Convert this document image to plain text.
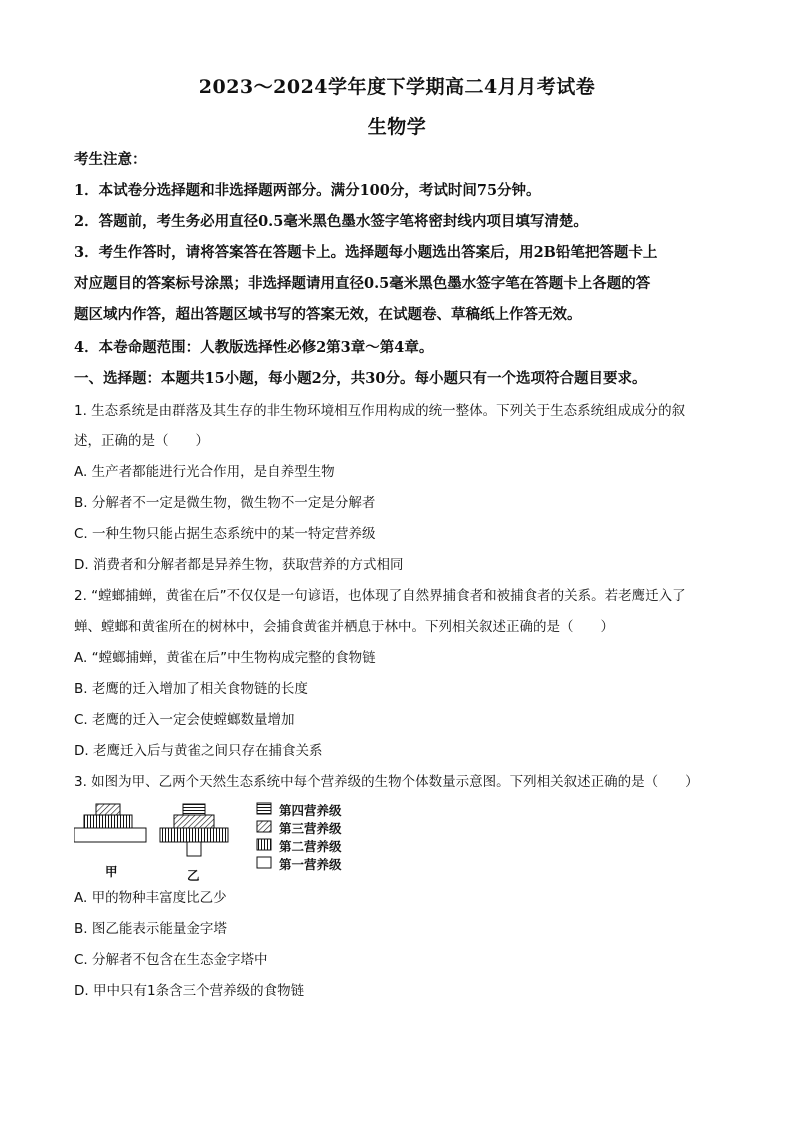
2023～2024学年度下学期高二4月月考试卷
生物学
考生注意：
1．本试卷分选择题和非选择题两部分。满分100分，考试时间75分钟。
2．答题前，考生务必用直径0.5毫米黑色墨水签字笔将密封线内项目填写清楚。
3．考生作答时，请将答案答在答题卡上。选择题每小题选出答案后，用2B铅笔把答题卡上
对应题目的答案标号涂黑；非选择题请用直径0.5毫米黑色墨水签字笔在答题卡上各题的答
题区域内作答，超出答题区域书写的答案无效，在试题卷、草稿纸上作答无效。
4．本卷命题范围：人教版选择性必修2第3章～第4章。
一、选择题：本题共15小题，每小题2分，共30分。每小题只有一个选项符合题目要求。
1. 生态系统是由群落及其生存的非生物环境相互作用构成的统一整体。下列关于生态系统组成成分的叙
述，正确的是（　　）
A. 生产者都能进行光合作用，是自养型生物
B. 分解者不一定是微生物，微生物不一定是分解者
C. 一种生物只能占据生态系统中的某一特定营养级
D. 消费者和分解者都是异养生物，获取营养的方式相同
2. “螳螂捕蝉，黄雀在后”不仅仅是一句谚语，也体现了自然界捕食者和被捕食者的关系。若老鹰迁入了
蝉、螳螂和黄雀所在的树林中，会捕食黄雀并栖息于林中。下列相关叙述正确的是（　　）
A. “螳螂捕蝉，黄雀在后”中生物构成完整的食物链
B. 老鹰的迁入增加了相关食物链的长度
C. 老鹰的迁入一定会使螳螂数量增加
D. 老鹰迁入后与黄雀之间只存在捕食关系
3. 如图为甲、乙两个天然生态系统中每个营养级的生物个体数量示意图。下列相关叙述正确的是（　　）
甲	乙
第四营养级
第三营养级
第二营养级
第一营养级
A. 甲的物种丰富度比乙少
B. 图乙能表示能量金字塔
C. 分解者不包含在生态金字塔中
D. 甲中只有1条含三个营养级的食物链
